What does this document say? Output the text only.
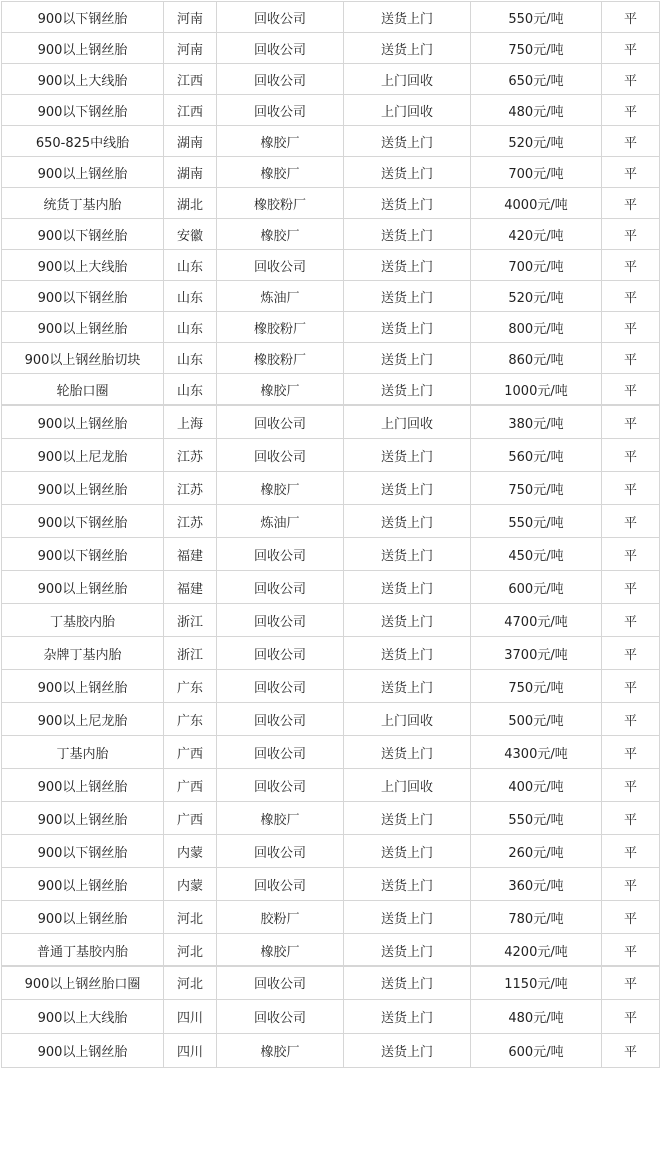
900以下钢丝胎	河南	回收公司	送货上门	550元/吨	平
900以上钢丝胎	河南	回收公司	送货上门	750元/吨	平
900以上大线胎	江西	回收公司	上门回收	650元/吨	平
900以下钢丝胎	江西	回收公司	上门回收	480元/吨	平
650-825中线胎	湖南	橡胶厂	送货上门	520元/吨	平
900以上钢丝胎	湖南	橡胶厂	送货上门	700元/吨	平
统货丁基内胎	湖北	橡胶粉厂	送货上门	4000元/吨	平
900以下钢丝胎	安徽	橡胶厂	送货上门	420元/吨	平
900以上大线胎	山东	回收公司	送货上门	700元/吨	平
900以下钢丝胎	山东	炼油厂	送货上门	520元/吨	平
900以上钢丝胎	山东	橡胶粉厂	送货上门	800元/吨	平
900以上钢丝胎切块	山东	橡胶粉厂	送货上门	860元/吨	平
轮胎口圈	山东	橡胶厂	送货上门	1000元/吨	平
900以上钢丝胎	上海	回收公司	上门回收	380元/吨	平
900以上尼龙胎	江苏	回收公司	送货上门	560元/吨	平
900以上钢丝胎	江苏	橡胶厂	送货上门	750元/吨	平
900以下钢丝胎	江苏	炼油厂	送货上门	550元/吨	平
900以下钢丝胎	福建	回收公司	送货上门	450元/吨	平
900以上钢丝胎	福建	回收公司	送货上门	600元/吨	平
丁基胶内胎	浙江	回收公司	送货上门	4700元/吨	平
杂牌丁基内胎	浙江	回收公司	送货上门	3700元/吨	平
900以上钢丝胎	广东	回收公司	送货上门	750元/吨	平
900以上尼龙胎	广东	回收公司	上门回收	500元/吨	平
丁基内胎	广西	回收公司	送货上门	4300元/吨	平
900以上钢丝胎	广西	回收公司	上门回收	400元/吨	平
900以上钢丝胎	广西	橡胶厂	送货上门	550元/吨	平
900以下钢丝胎	内蒙	回收公司	送货上门	260元/吨	平
900以上钢丝胎	内蒙	回收公司	送货上门	360元/吨	平
900以上钢丝胎	河北	胶粉厂	送货上门	780元/吨	平
普通丁基胶内胎	河北	橡胶厂	送货上门	4200元/吨	平
900以上钢丝胎口圈	河北	回收公司	送货上门	1150元/吨	平
900以上大线胎	四川	回收公司	送货上门	480元/吨	平
900以上钢丝胎	四川	橡胶厂	送货上门	600元/吨	平
